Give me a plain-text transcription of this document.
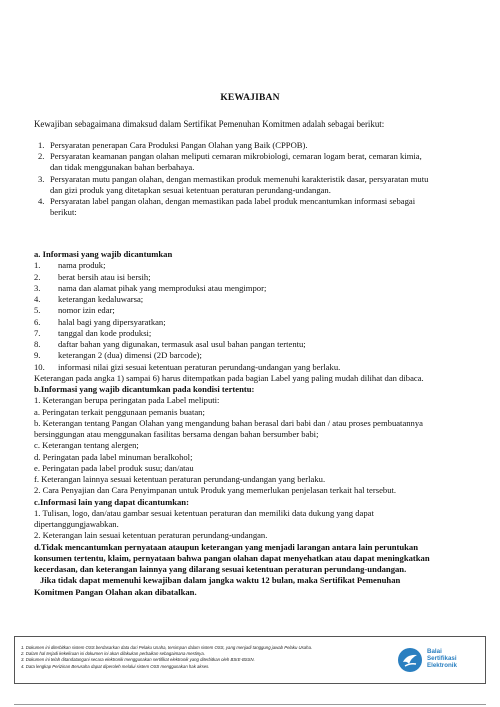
KEWAJIBAN
Kewajiban sebagaimana dimaksud dalam Sertifikat Pemenuhan Komitmen adalah sebagai berikut:
1. Persyaratan penerapan Cara Produksi Pangan Olahan yang Baik (CPPOB).
2. Persyaratan keamanan pangan olahan meliputi cemaran mikrobiologi, cemaran logam berat, cemaran kimia,
dan tidak menggunakan bahan berbahaya.
3. Persyaratan mutu pangan olahan, dengan memastikan produk memenuhi karakteristik dasar, persyaratan mutu
dan gizi produk yang ditetapkan sesuai ketentuan peraturan perundang-undangan.
4. Persyaratan label pangan olahan, dengan memastikan pada label produk mencantumkan informasi sebagai
berikut:
a. Informasi yang wajib dicantumkan
1.	nama produk;
2.	berat bersih atau isi bersih;
3.	nama dan alamat pihak yang memproduksi atau mengimpor;
4.	keterangan kedaluwarsa;
5.	nomor izin edar;
6.	halal bagi yang dipersyaratkan;
7.	tanggal dan kode produksi;
8.	daftar bahan yang digunakan, termasuk asal usul bahan pangan tertentu;
9.	keterangan 2 (dua) dimensi (2D barcode);
10.	informasi nilai gizi sesuai ketentuan peraturan perundang-undangan yang berlaku.
Keterangan pada angka 1) sampai 6) harus ditempatkan pada bagian Label yang paling mudah dilihat dan dibaca.
b.Informasi yang wajib dicantumkan pada kondisi tertentu:
1. Keterangan berupa peringatan pada Label meliputi:
a. Peringatan terkait penggunaan pemanis buatan;
b. Keterangan tentang Pangan Olahan yang mengandung bahan berasal dari babi dan / atau proses pembuatannya
bersinggungan atau menggunakan fasilitas bersama dengan bahan bersumber babi;
c. Keterangan tentang alergen;
d. Peringatan pada label minuman beralkohol;
e. Peringatan pada label produk susu; dan/atau
f. Keterangan lainnya sesuai ketentuan peraturan perundang-undangan yang berlaku.
2. Cara Penyajian dan Cara Penyimpanan untuk Produk yang memerlukan penjelasan terkait hal tersebut.
c.Informasi lain yang dapat dicantumkan:
1. Tulisan, logo, dan/atau gambar sesuai ketentuan peraturan dan memiliki data dukung yang dapat
dipertanggungjawabkan.
2. Keterangan lain sesuai ketentuan peraturan perundang-undangan.
d.Tidak mencantumkan pernyataan ataupun keterangan yang menjadi larangan antara lain peruntukan
konsumen tertentu, klaim, pernyataan bahwa pangan olahan dapat menyehatkan atau dapat meningkatkan
kecerdasan, dan keterangan lainnya yang dilarang sesuai ketentuan peraturan perundang-undangan.
Jika tidak dapat memenuhi kewajiban dalam jangka waktu 12 bulan, maka Sertifikat Pemenuhan
Komitmen Pangan Olahan akan dibatalkan.
1. Dokumen ini diterbitkan sistem OSS berdasarkan data dari Pelaku Usaha, tersimpan dalam sistem OSS, yang menjadi tanggung jawab Pelaku Usaha.
2. Dalam hal terjadi kekeliruan isi dokumen ini akan dilakukan perbaikan sebagaimana mestinya.
3. Dokumen ini telah ditandatangani secara elektronik menggunakan sertifikat elektronik yang diterbitkan oleh BSrE-BSSN.
4. Data lengkap Perizinan Berusaha dapat diperoleh melalui sistem OSS menggunakan hak akses.
Balai
Sertifikasi
Elektronik
